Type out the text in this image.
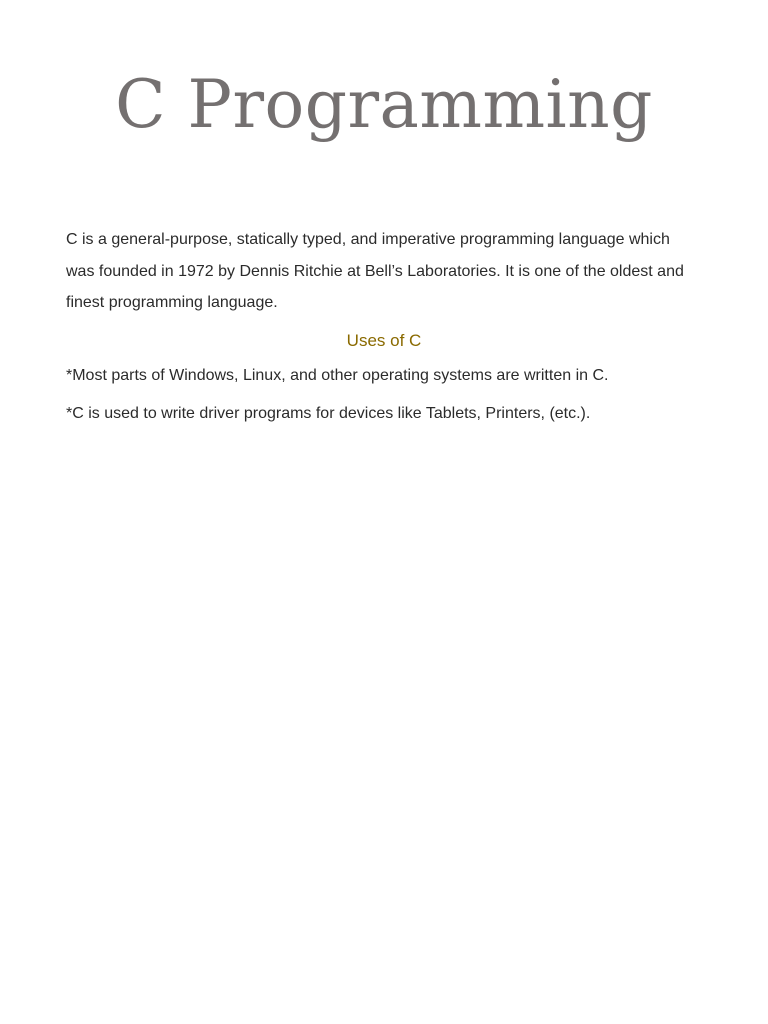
C Programming

C is a general-purpose, statically typed, and imperative programming language which was founded in 1972 by Dennis Ritchie at Bell’s Laboratories. It is one of the oldest and finest programming language.

Uses of C
*Most parts of Windows, Linux, and other operating systems are written in C.
*C is used to write driver programs for devices like Tablets, Printers, (etc.).
